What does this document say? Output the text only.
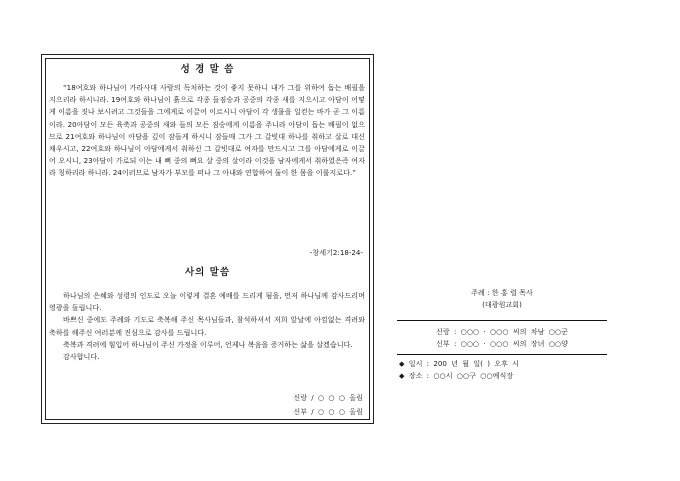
성 경 말 씀
“18여호와 하나님이 가라사대 사람의 독처하는 것이 좋지 못하니 내가 그를 위하여 돕는 배필을 지으리라 하시니라. 19여호와 하나님이 흙으로 각종 들짐승과 공중의 각종 새를 지으시고 아담이 어떻게 이름을 짓나 보시려고 그것들을 그에게로 이끌어 이르시니 아담이 각 생물을 일컫는 바가 곧 그 이름이라. 20아담이 모든 육축과 공중의 새와 들의 모든 짐승에게 이름을 주니라 아담이 돕는 배필이 없으므로 21여호와 하나님이 아담을 깊이 잠들게 하시니 잠들매 그가 그 갈빗대 하나를 취하고 살로 대신 채우시고, 22여호와 하나님이 아담에게서 취하신 그 갈빗대로 여자를 만드시고 그를 아담에게로 이끌어 오시니, 23아담이 가로되 이는 내 뼈 중의 뼈요 살 중의 살이라 이것을 남자에게서 취하였은즉 여자라 칭하리라 하니라. 24이러므로 남자가 부모를 떠나 그 아내와 연합하여 둘이 한 몸을 이룰지로다.”
-창세기2:18-24-
사의 말씀

하나님의 은혜와 성령의 인도로 오늘 이렇게 결혼 예배를 드리게 됨을, 먼저 하나님께 감사드리며 영광을 돌립니다.

바쁘신 중에도 주례와 기도로 축복해 주신 목사님들과, 참석하셔서 저희 앞날에 아낌없는 격려와 축하를 해주신 여러분께 진심으로 감사를 드립니다.

축복과 격려에 힘입어 하나님이 주신 가정을 이루어, 언제나 복음을 증거하는 삶을 살겠습니다.

감사합니다.

신랑 / ○ ○ ○ 올림
신부 / ○ ○ ○ 올림
주례 : 한 홍 렬 목사
(대광원교회)
신랑 : ○○○ · ○○○ 씨의 차남 ○○군
신부 : ○○○ · ○○○ 씨의 장녀 ○○양
◆ 일시 : 200 년 월 일( ) 오후 시
◆ 장소 : ○○시 ○○구 ○○예식장
